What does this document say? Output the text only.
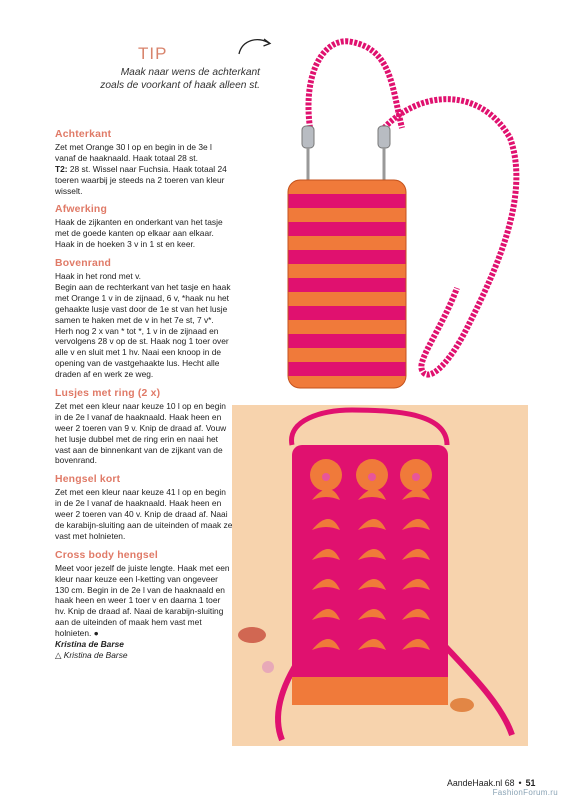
TIP
Maak naar wens de achterkant
zoals de voorkant of haak alleen st.
Achterkant

Zet met Orange 30 l op en begin in de 3e l vanaf de haaknaald. Haak totaal 28 st.

T2: 28 st. Wissel naar Fuchsia. Haak totaal 24 toeren waarbij je steeds na 2 toeren van kleur wisselt.

Afwerking

Haak de zijkanten en onderkant van het tasje met de goede kanten op elkaar aan elkaar. Haak in de hoeken 3 v in 1 st en keer.

Bovenrand

Haak in het rond met v.

Begin aan de rechterkant van het tasje en haak met Orange 1 v in de zijnaad, 6 v, *haak nu het gehaakte lusje vast door de 1e st van het lusje samen te haken met de v in het 7e st, 7 v*. Herh nog 2 x van * tot *, 1 v in de zijnaad en vervolgens 28 v op de st. Haak nog 1 toer over alle v en sluit met 1 hv. Naai een knoop in de opening van de vastgehaakte lus. Hecht alle draden af en werk ze weg.

Lusjes met ring (2 x)

Zet met een kleur naar keuze 10 l op en begin in de 2e l vanaf de haaknaald. Haak heen en weer 2 toeren van 9 v. Knip de draad af. Vouw het lusje dubbel met de ring erin en naai het vast aan de binnenkant van de zijkant van de bovenrand.

Hengsel kort

Zet met een kleur naar keuze 41 l op en begin in de 2e l vanaf de haaknaald. Haak heen en weer 2 toeren van 40 v. Knip de draad af. Naai de karabijn-sluiting aan de uiteinden of maak ze vast met holnieten.

Cross body hengsel

Meet voor jezelf de juiste lengte. Haak met een kleur naar keuze een l-ketting van ongeveer 130 cm. Begin in de 2e l van de haaknaald en haak heen en weer 1 toer v en daarna 1 toer hv. Knip de draad af. Naai de karabijn-sluiting aan de uiteinden of maak hem vast met holnieten. ●

Kristina de Barse
△ Kristina de Barse
AandeHaak.nl 68 • 51
FashionForum.ru
